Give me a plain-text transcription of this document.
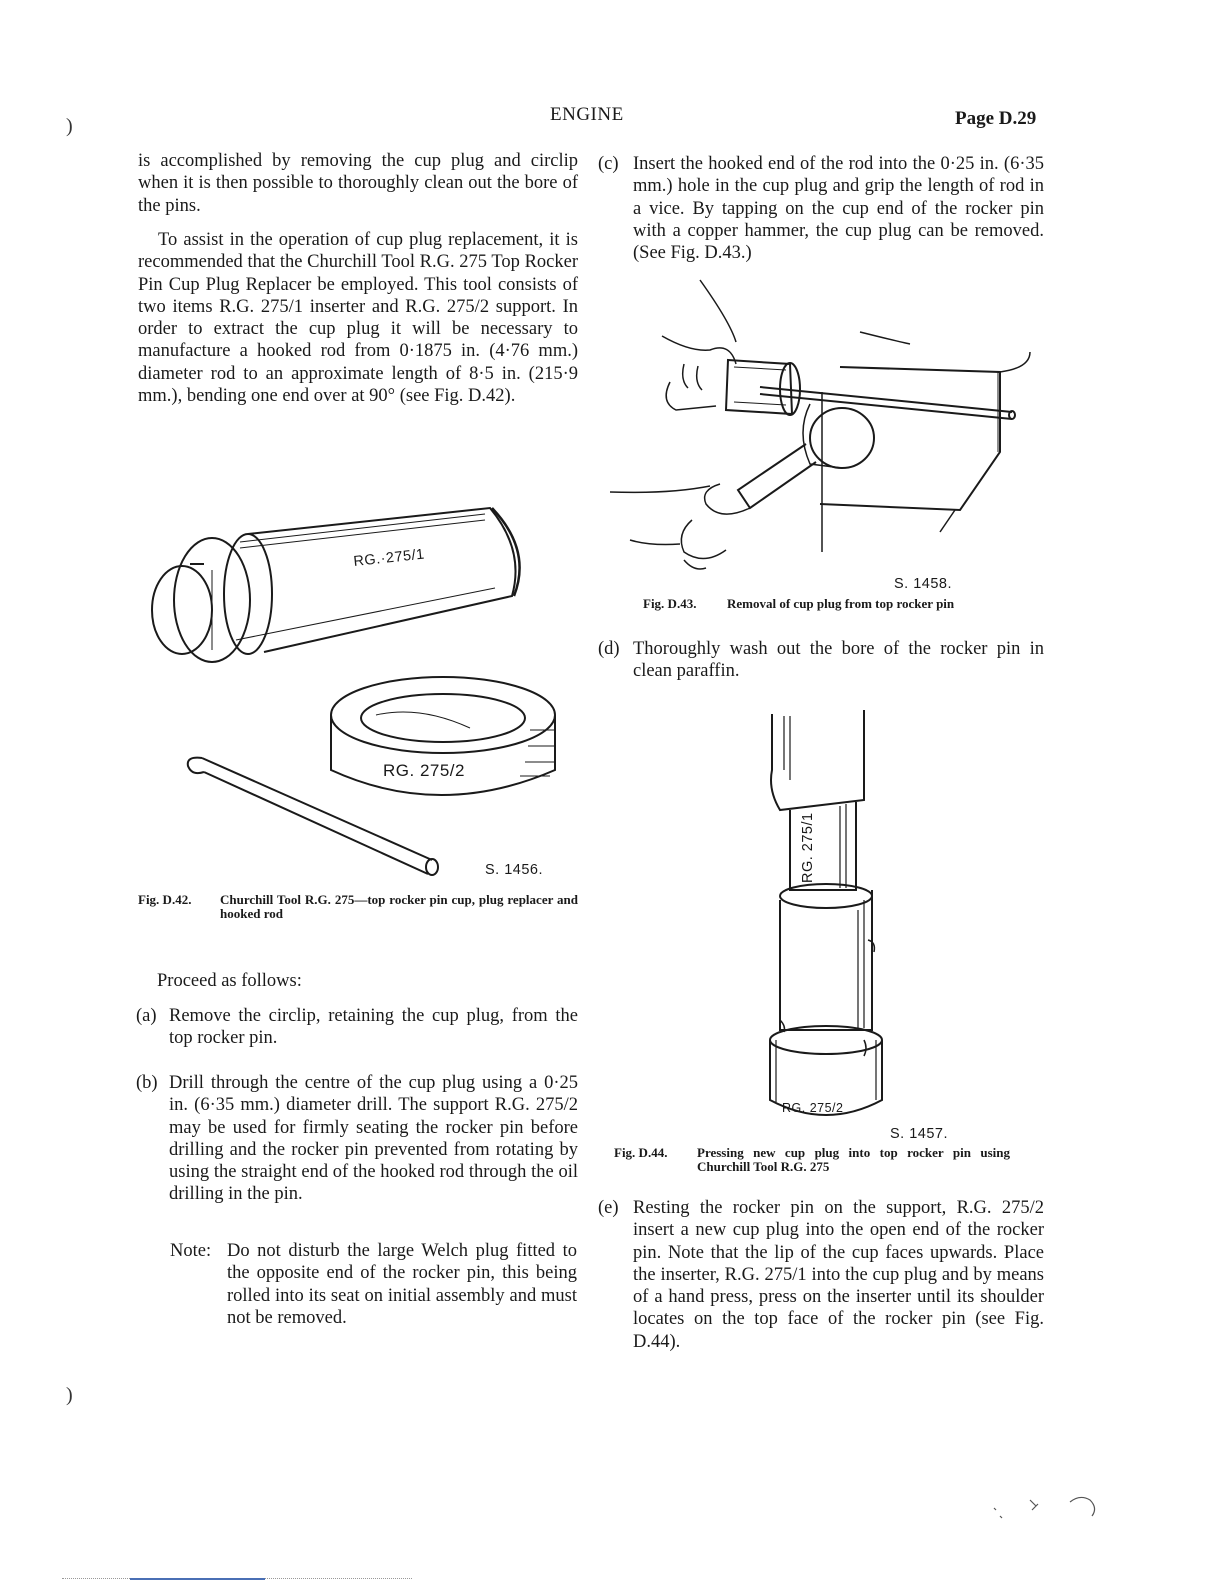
ENGINE	Page D.29
)
)

is accomplished by removing the cup plug and circlip when it is then possible to thoroughly clean out the bore of the pins.

To assist in the operation of cup plug replacement, it is recommended that the Churchill Tool R.G. 275 Top Rocker Pin Cup Plug Replacer be employed. This tool consists of two items R.G. 275/1 inserter and R.G. 275/2 support. In order to extract the cup plug it will be necessary to manufacture a hooked rod from 0·1875 in. (4·76 mm.) diameter rod to an approximate length of 8·5 in. (215·9 mm.), bending one end over at 90° (see Fig. D.42).

RG.·275/1
RG. 275/2
S. 1456.
Fig. D.42. Churchill Tool R.G. 275—top rocker pin cup, plug replacer and hooked rod

Proceed as follows:

(a) Remove the circlip, retaining the cup plug, from the top rocker pin.
(b) Drill through the centre of the cup plug using a 0·25 in. (6·35 mm.) diameter drill. The support R.G. 275/2 may be used for firmly seating the rocker pin before drilling and the rocker pin prevented from rotating by using the straight end of the hooked rod through the oil drilling in the pin.
Note: Do not disturb the large Welch plug fitted to the opposite end of the rocker pin, this being rolled into its seat on initial assembly and must not be removed.
(c) Insert the hooked end of the rod into the 0·25 in. (6·35 mm.) hole in the cup plug and grip the length of rod in a vice. By tapping on the cup end of the rocker pin with a copper hammer, the cup plug can be removed. (See Fig. D.43.)
S. 1458.
Fig. D.43. Removal of cup plug from top rocker pin
(d) Thoroughly wash out the bore of the rocker pin in clean paraffin.
RG. 275/1
RG. 275/2
S. 1457.
Fig. D.44. Pressing new cup plug into top rocker pin using Churchill Tool R.G. 275
(e) Resting the rocker pin on the support, R.G. 275/2 insert a new cup plug into the open end of the rocker pin. Note that the lip of the cup faces upwards. Place the inserter, R.G. 275/1 into the cup plug and by means of a hand press, press on the inserter until its shoulder locates on the top face of the rocker pin (see Fig. D.44).
